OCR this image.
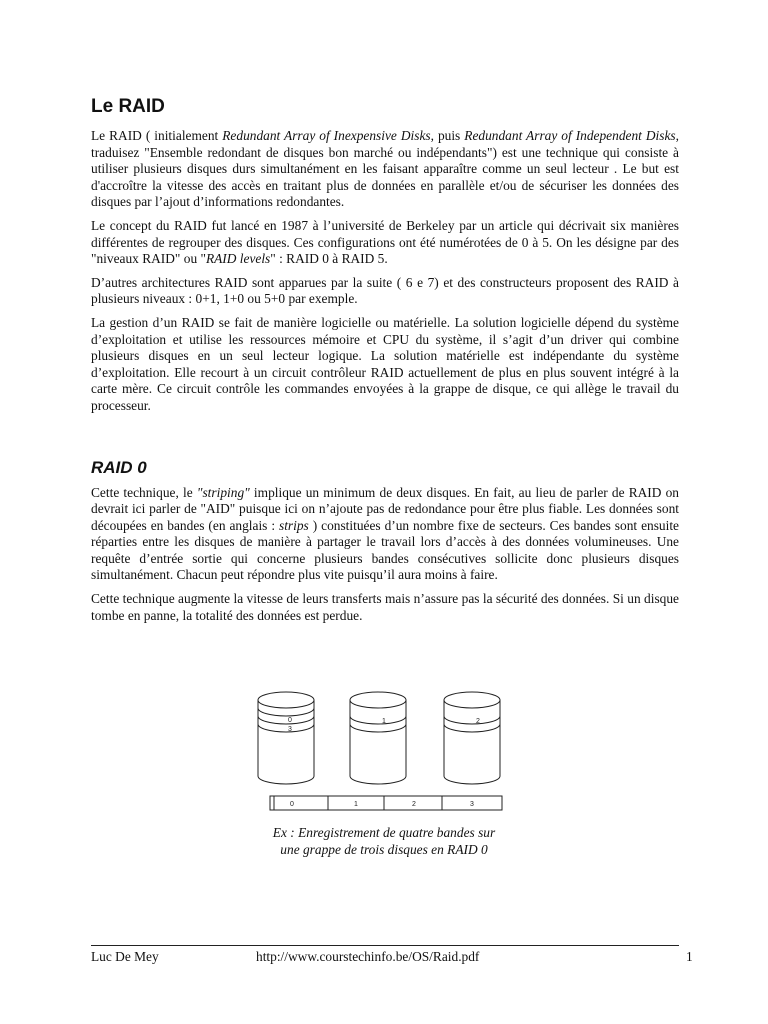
Le RAID

Le RAID ( initialement Redundant Array of Inexpensive Disks, puis Redundant Array of Independent Disks, traduisez "Ensemble redondant de disques bon marché ou indépendants") est une technique qui consiste à utiliser plusieurs disques durs simultanément en les faisant apparaître comme un seul lecteur . Le but est d'accroître la vitesse des accès en traitant plus de données en parallèle et/ou de sécuriser les données des disques par l’ajout d’informations redondantes.

Le concept du RAID fut lancé en 1987 à l’université de Berkeley par un article qui décrivait six manières différentes de regrouper des disques. Ces configurations ont été numérotées de 0 à 5. On les désigne par des "niveaux RAID" ou "RAID levels" : RAID 0 à RAID 5.

D’autres architectures RAID sont apparues par la suite ( 6 e 7) et des constructeurs proposent des RAID à plusieurs niveaux : 0+1, 1+0 ou 5+0 par exemple.

La gestion d’un RAID se fait de manière logicielle ou matérielle. La solution logicielle dépend du système d’exploitation et utilise les ressources mémoire et CPU du système, il s’agit d’un driver qui combine plusieurs disques en un seul lecteur logique. La solution matérielle est indépendante du système d’exploitation. Elle recourt à un circuit contrôleur RAID actuellement de plus en plus souvent intégré à la carte mère. Ce circuit contrôle les commandes envoyées à la grappe de disque, ce qui allège le travail du processeur.

RAID 0

Cette technique, le "striping" implique un minimum de deux disques. En fait, au lieu de parler de RAID on devrait ici parler de "AID" puisque ici on n’ajoute pas de redondance pour être plus fiable. Les données sont découpées en bandes (en anglais : strips ) constituées d’un nombre fixe de secteurs. Ces bandes sont ensuite réparties entre les disques de manière à partager le travail lors d’accès à des données volumineuses. Une requête d’entrée sortie qui concerne plusieurs bandes consécutives sollicite donc plusieurs disques simultanément. Chacun peut répondre plus vite puisqu’il aura moins à faire.

Cette technique augmente la vitesse de leurs transferts mais n’assure pas la sécurité des données. Si un disque tombe en panne, la totalité des données est perdue.

0
3
1	2
0	1	2	3
Ex : Enregistrement de quatre bandes sur
une grappe de trois disques en RAID 0
Luc De Mey	http://www.courstechinfo.be/OS/Raid.pdf	1
